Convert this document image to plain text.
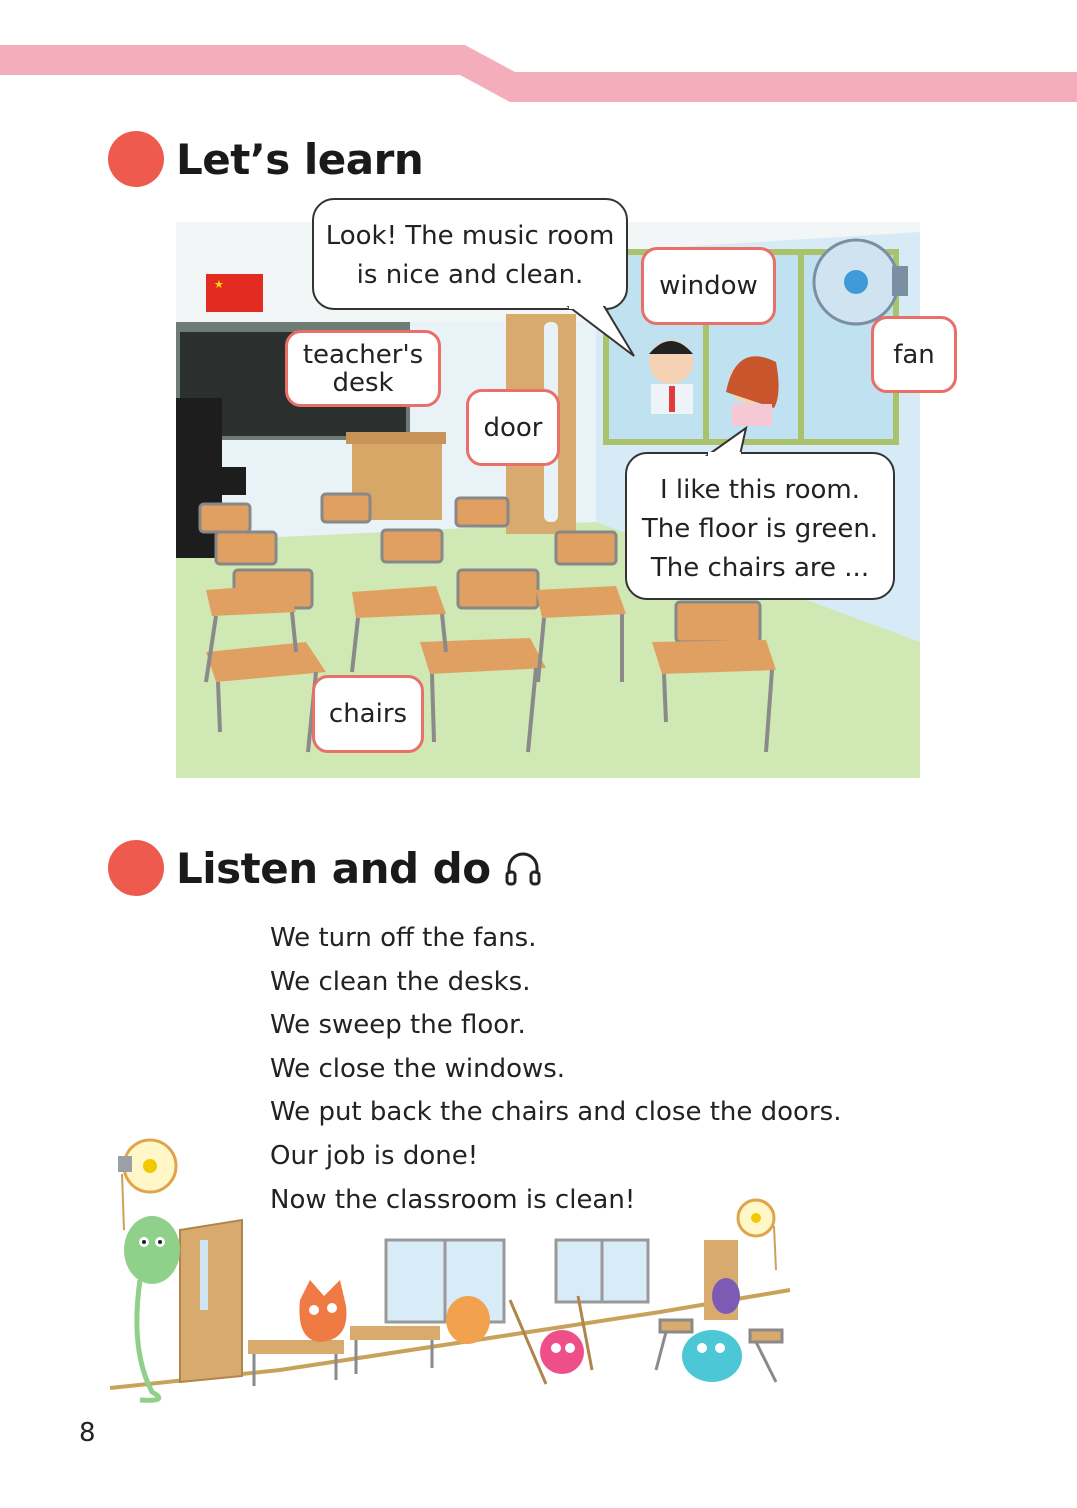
Let’s learn
★
Look! The music room
is nice and clean.
I like this room.
The floor is green.
The chairs are ...
window
fan
teacher's
desk
door
chairs
Listen and do
We turn off the fans.
We clean the desks.
We sweep the floor.
We close the windows.
We put back the chairs and close the doors.
Our job is done!
Now the classroom is clean!
8
